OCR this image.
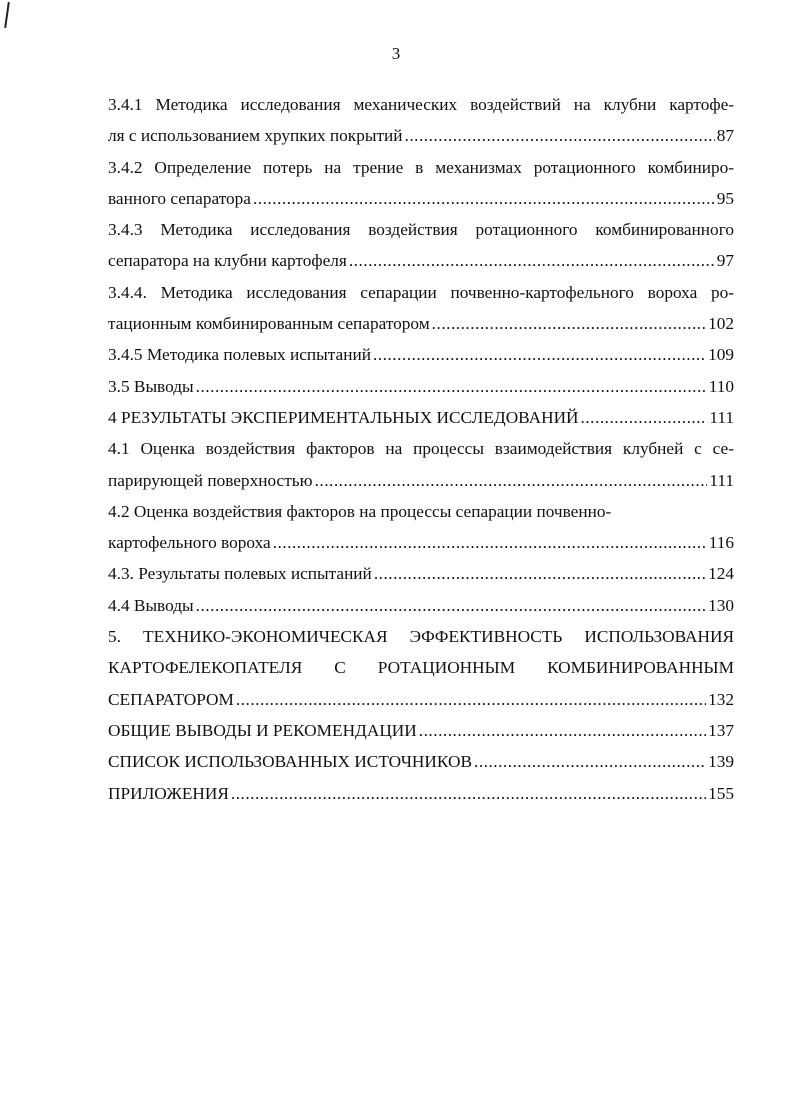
3
3.4.1 Методика исследования механических воздействий на клубни картофе-
ля с использованием хрупких покрытий .....	87
3.4.2 Определение потерь на трение в механизмах ротационного комбиниро-
ванного сепаратора .....	95
3.4.3 Методика исследования воздействия ротационного комбинированного
сепаратора на клубни картофеля .....	97
3.4.4. Методика исследования сепарации почвенно-картофельного вороха ро-
тационным комбинированным сепаратором .....	102
3.4.5 Методика полевых испытаний .....	109
3.5 Выводы .....	110
4 РЕЗУЛЬТАТЫ ЭКСПЕРИМЕНТАЛЬНЫХ ИССЛЕДОВАНИЙ .....	111
4.1 Оценка воздействия факторов на процессы взаимодействия клубней с се-
парирующей поверхностью .....	111
4.2 Оценка воздействия факторов на процессы сепарации почвенно-
картофельного вороха .....	116
4.3. Результаты полевых испытаний .....	124
4.4 Выводы .....	130
5. ТЕХНИКО-ЭКОНОМИЧЕСКАЯ ЭФФЕКТИВНОСТЬ ИСПОЛЬЗОВАНИЯ
КАРТОФЕЛЕКОПАТЕЛЯ С РОТАЦИОННЫМ КОМБИНИРОВАННЫМ
СЕПАРАТОРОМ .....	132
ОБЩИЕ ВЫВОДЫ И РЕКОМЕНДАЦИИ .....	137
СПИСОК ИСПОЛЬЗОВАННЫХ ИСТОЧНИКОВ .....	139
ПРИЛОЖЕНИЯ .....	155
